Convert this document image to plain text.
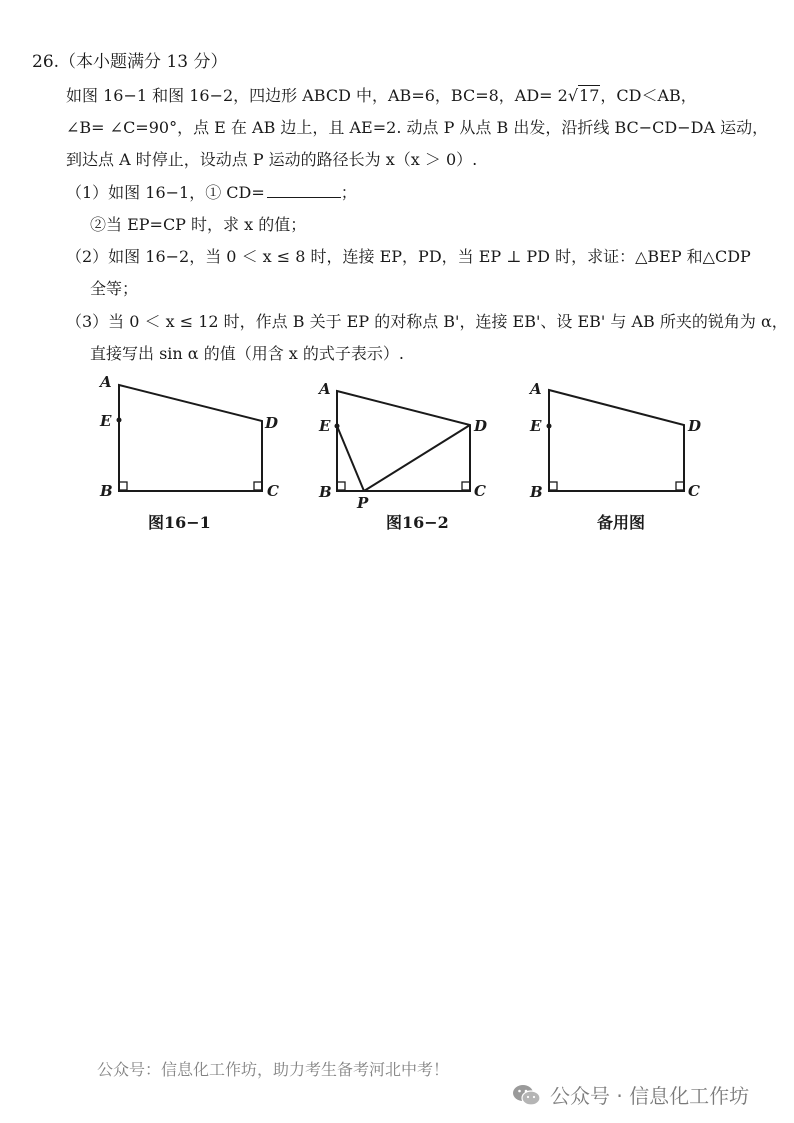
26.（本小题满分 13 分）
如图 16−1 和图 16−2，四边形 ABCD 中，AB=6，BC=8，AD= 2√17，CD＜AB，
∠B= ∠C=90°，点 E 在 AB 边上，且 AE=2. 动点 P 从点 B 出发，沿折线 BC−CD−DA 运动，
到达点 A 时停止，设动点 P 运动的路径长为 x（x ＞ 0）.
（1）如图 16−1，① CD=	；
②当 EP=CP 时，求 x 的值；
（2）如图 16−2，当 0 ＜ x ≤ 8 时，连接 EP，PD，当 EP ⊥ PD 时，求证：△BEP 和△CDP
全等；
（3）当 0 ＜ x ≤ 12 时，作点 B 关于 EP 的对称点 B'，连接 EB'、设 EB' 与 AB 所夹的锐角为 α，
直接写出 sin α 的值（用含 x 的式子表示）.
A
E
B	C
D
图16−1
A
E
B	C
D
P
图16−2
A
E
B	C
D
备用图
公众号：信息化工作坊，助力考生备考河北中考！
公众号 · 信息化工作坊
